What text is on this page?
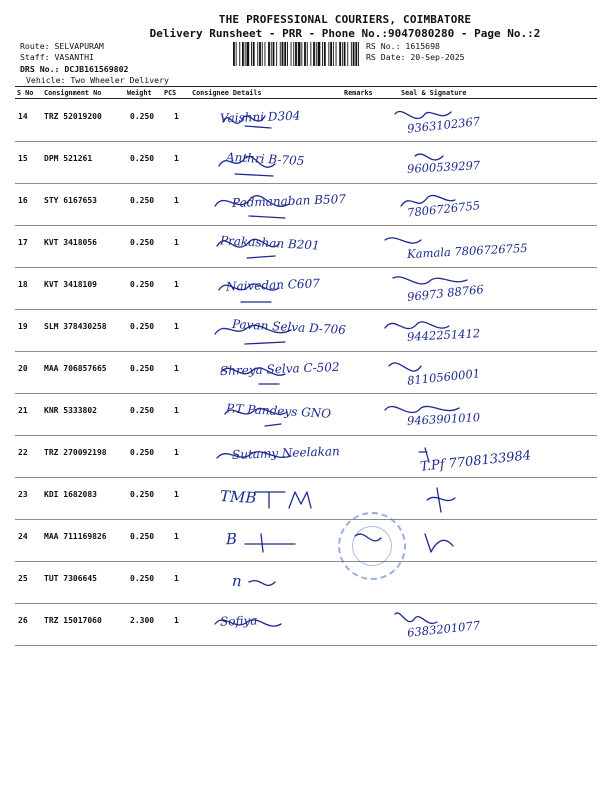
THE PROFESSIONAL COURIERS, COIMBATORE
Delivery Runsheet - PRR - Phone No.:9047080280 - Page No.:2
Route: SELVAPURAM
Staff: VASANTHI
DRS No.: DCJB161569802
Vehicle: Two Wheeler Delivery
RS No.: 1615698
RS Date: 20-Sep-2025
S No Consignment No	Weight PCS Consignee Details	Remarks	Seal & Signature
14 TRZ 52019200	0.250 1	Vaishni D304	9363102367
15 DPM 521261	0.250 1	Anthri B-705	9600539297
16 STY 6167653	0.250 1	Padmanaban B507	7806726755
17 KVT 3418056	0.250 1	Prakashan B201	Kamala 7806726755
18 KVT 3418109	0.250 1	Naivedan C607	96973 88766
19 SLM 378430258	0.250 1	Pavan Selva D-706	9442251412
20 MAA 706857665	0.250 1	Shreya Selva C-502	8110560001
21 KNR 5333802	0.250 1	P.T Pandeys GNO	9463901010
22 TRZ 270092198	0.250 1	Sutamy Neelakan	T.Pf 7708133984
23 KDI 1682083	0.250 1	TMB
24 MAA 711169826	0.250 1	B
25 TUT 7306645	0.250 1	n
26 TRZ 15017060	2.300 1	Sofiya	6383201077
